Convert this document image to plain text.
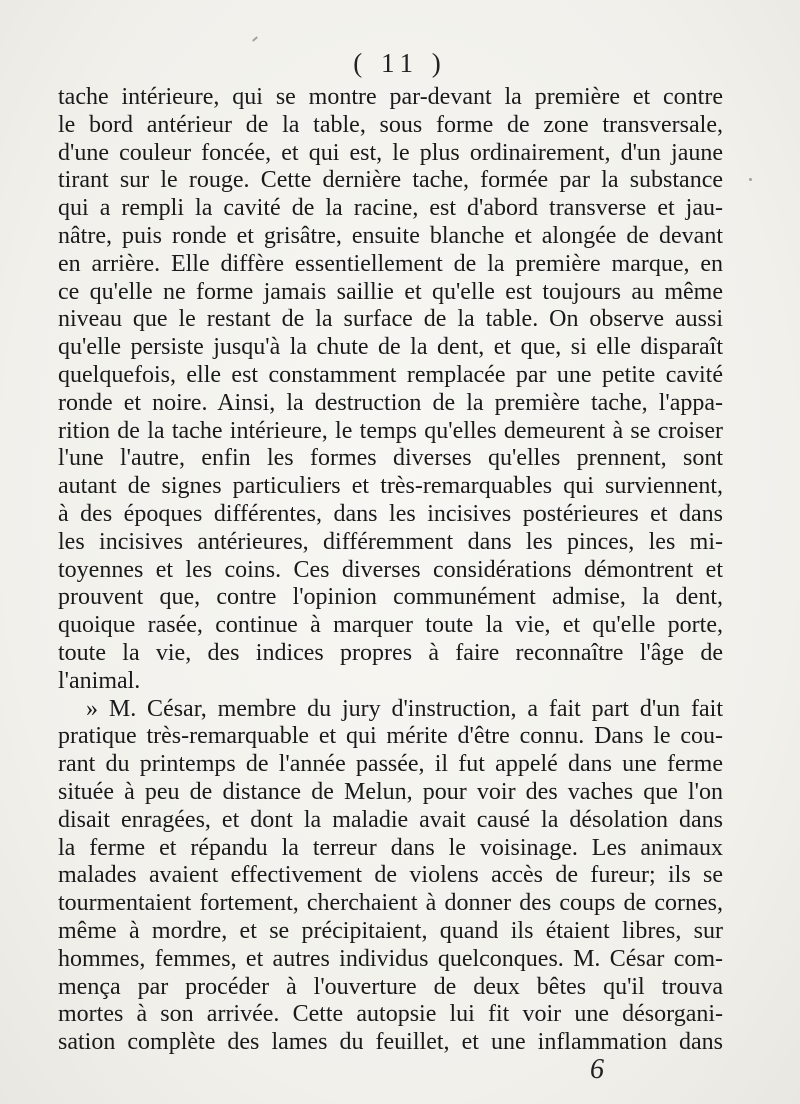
( 11 )
tache intérieure, qui se montre par-devant la première et contre
le bord antérieur de la table, sous forme de zone transversale,
d'une couleur foncée, et qui est, le plus ordinairement, d'un jaune
tirant sur le rouge. Cette dernière tache, formée par la substance
qui a rempli la cavité de la racine, est d'abord transverse et jau-
nâtre, puis ronde et grisâtre, ensuite blanche et alongée de devant
en arrière. Elle diffère essentiellement de la première marque, en
ce qu'elle ne forme jamais saillie et qu'elle est toujours au même
niveau que le restant de la surface de la table. On observe aussi
qu'elle persiste jusqu'à la chute de la dent, et que, si elle disparaît
quelquefois, elle est constamment remplacée par une petite cavité
ronde et noire. Ainsi, la destruction de la première tache, l'appa-
rition de la tache intérieure, le temps qu'elles demeurent à se croiser
l'une l'autre, enfin les formes diverses qu'elles prennent, sont
autant de signes particuliers et très-remarquables qui surviennent,
à des époques différentes, dans les incisives postérieures et dans
les incisives antérieures, différemment dans les pinces, les mi-
toyennes et les coins. Ces diverses considérations démontrent et
prouvent que, contre l'opinion communément admise, la dent,
quoique rasée, continue à marquer toute la vie, et qu'elle porte,
toute la vie, des indices propres à faire reconnaître l'âge de
l'animal.
» M. César, membre du jury d'instruction, a fait part d'un fait
pratique très-remarquable et qui mérite d'être connu. Dans le cou-
rant du printemps de l'année passée, il fut appelé dans une ferme
située à peu de distance de Melun, pour voir des vaches que l'on
disait enragées, et dont la maladie avait causé la désolation dans
la ferme et répandu la terreur dans le voisinage. Les animaux
malades avaient effectivement de violens accès de fureur; ils se
tourmentaient fortement, cherchaient à donner des coups de cornes,
même à mordre, et se précipitaient, quand ils étaient libres, sur
hommes, femmes, et autres individus quelconques. M. César com-
mença par procéder à l'ouverture de deux bêtes qu'il trouva
mortes à son arrivée. Cette autopsie lui fit voir une désorgani-
sation complète des lames du feuillet, et une inflammation dans
6
